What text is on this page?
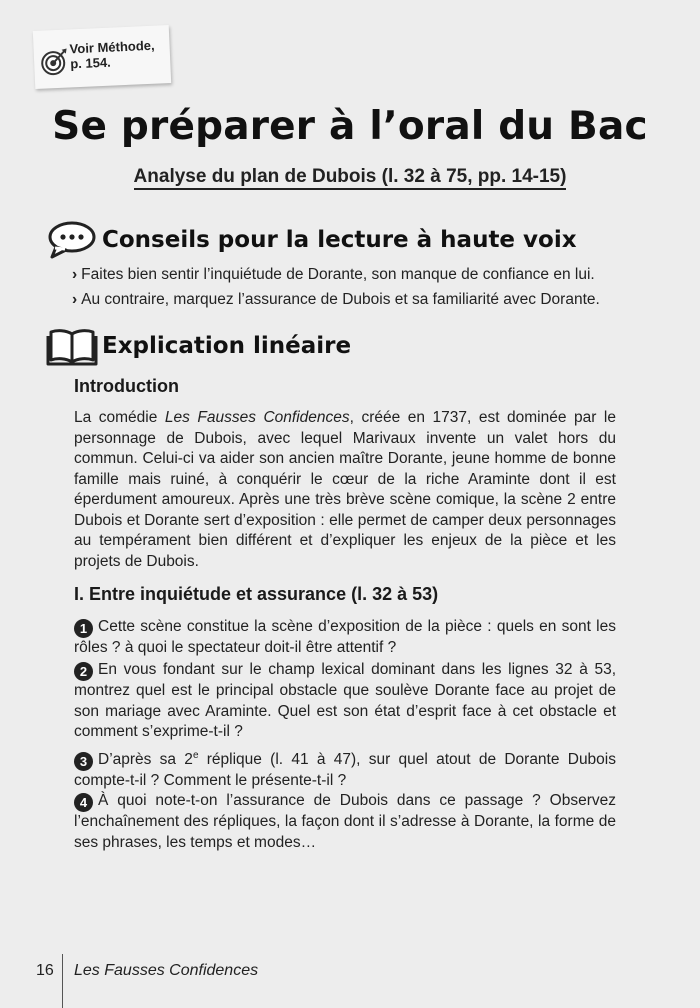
Voir Méthode,
p. 154.
Se préparer à l’oral du Bac
Analyse du plan de Dubois (l. 32 à 75, pp. 14-15)
Conseils pour la lecture à haute voix
› Faites bien sentir l’inquiétude de Dorante, son manque de confiance en lui.
› Au contraire, marquez l’assurance de Dubois et sa familiarité avec Dorante.
Explication linéaire
Introduction
La comédie Les Fausses Confidences, créée en 1737, est dominée par le personnage de Dubois, avec lequel Marivaux invente un valet hors du commun. Celui-ci va aider son ancien maître Dorante, jeune homme de bonne famille mais ruiné, à conquérir le cœur de la riche Araminte dont il est éperdument amoureux. Après une très brève scène comique, la scène 2 entre Dubois et Dorante sert d’exposition : elle permet de camper deux personnages au tempérament bien différent et d’expliquer les enjeux de la pièce et les projets de Dubois.
I. Entre inquiétude et assurance (l. 32 à 53)
1 Cette scène constitue la scène d’exposition de la pièce : quels en sont les rôles ? à quoi le spectateur doit-il être attentif ?
2 En vous fondant sur le champ lexical dominant dans les lignes 32 à 53, montrez quel est le principal obstacle que soulève Dorante face au projet de son mariage avec Araminte. Quel est son état d’esprit face à cet obstacle et comment s’exprime-t-il ?
3 D’après sa 2e réplique (l. 41 à 47), sur quel atout de Dorante Dubois compte-t-il ? Comment le présente-t-il ?
4 À quoi note-t-on l’assurance de Dubois dans ce passage ? Observez l’enchaînement des répliques, la façon dont il s’adresse à Dorante, la forme de ses phrases, les temps et modes…
16 Les Fausses Confidences
